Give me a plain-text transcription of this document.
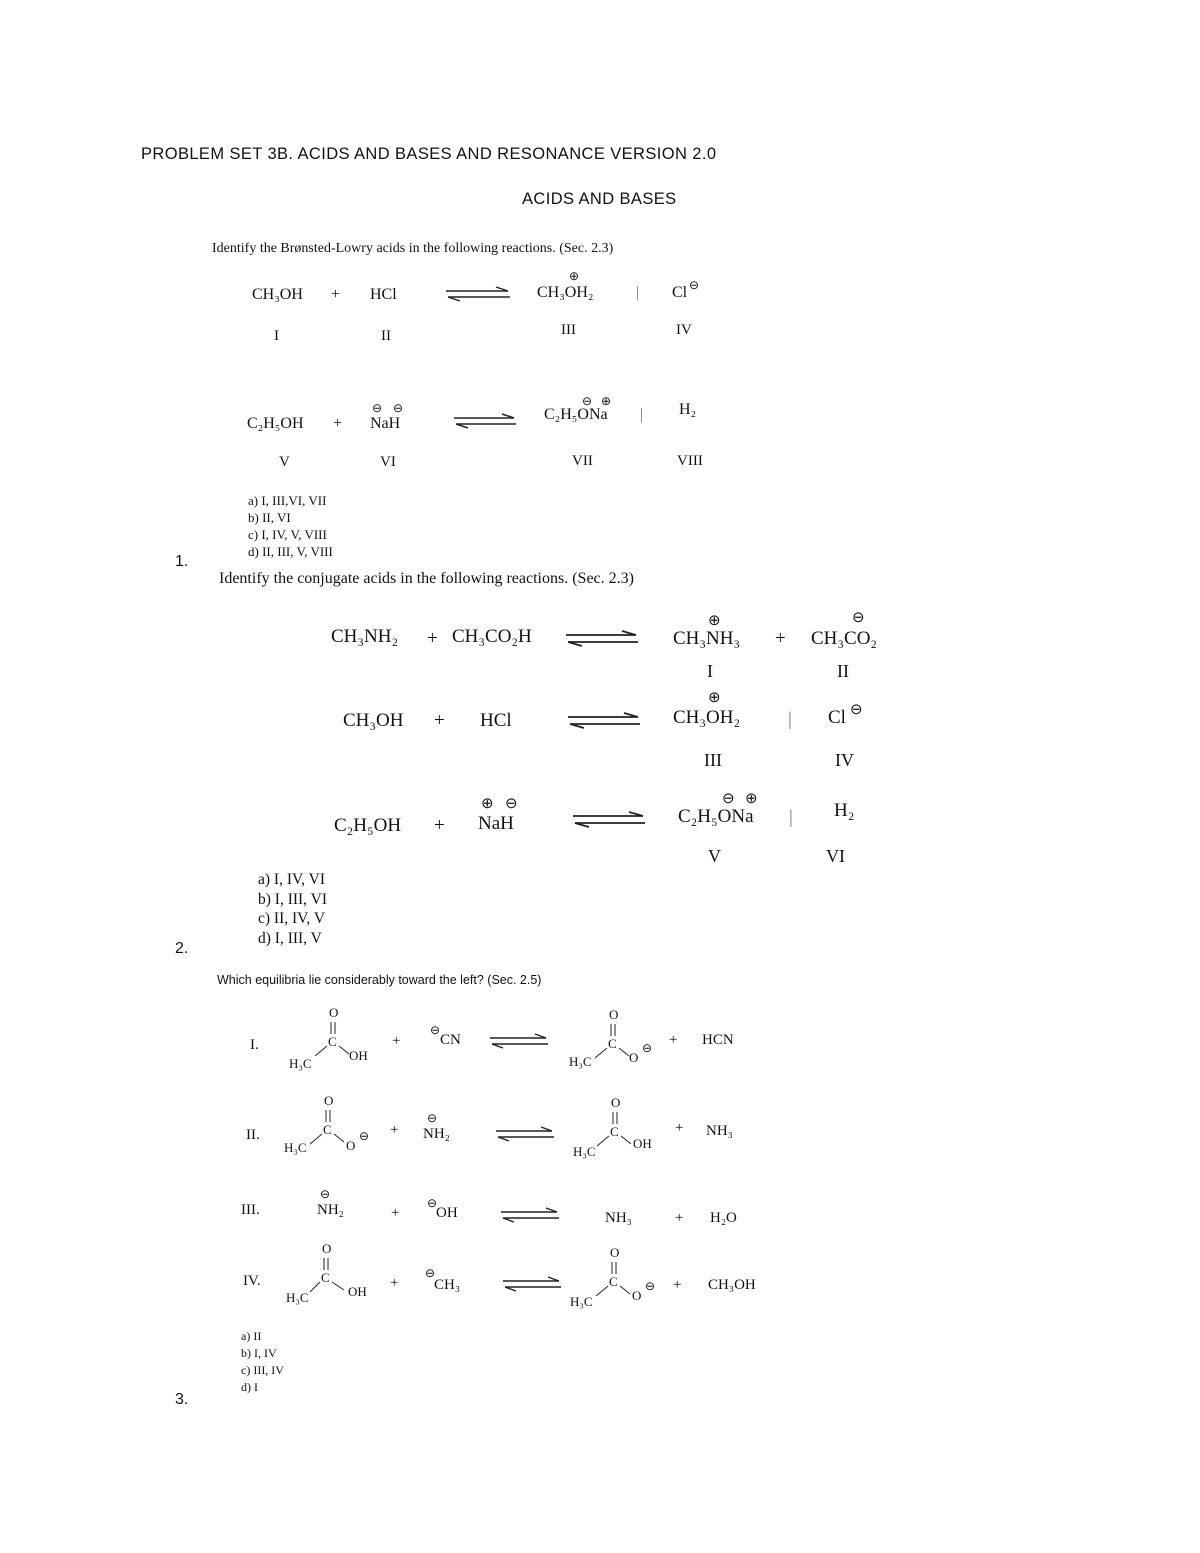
PROBLEM SET 3B. ACIDS AND BASES AND RESONANCE VERSION 2.0
ACIDS AND BASES
Identify the Brønsted-Lowry acids in the following reactions. (Sec. 2.3)
CH₃OH + HCl
⊕
CH₃OH₂	| Cl ⊖
I	II	III	IV
C₂H₅OH +
⊖ ⊖
NaH
⊖ ⊕
C₂H₅ONa | H₂
V	VI	VII	VIII
a) I, III,VI, VII
b) II, VI
c) I, IV, V, VIII
d) II, III, V, VIII
1.
Identify the conjugate acids in the following reactions. (Sec. 2.3)
CH₃NH₂ + CH₃CO₂H
⊕
CH₃NH₃ +
⊖
CH₃CO₂
I	II
CH₃OH + HCl
⊕
CH₃OH₂	| Cl ⊖
III	IV
C₂H₅OH +
⊕ ⊖
NaH
⊖ ⊕
C₂H₅ONa | H₂
V	VI
a) I, IV, VI
b) I, III, VI
c) II, IV, V
d) I, III, V
2.
Which equilibria lie considerably toward the left? (Sec. 2.5)
I.
O
C
H₃C
OH
+
⊖
CN
O
C
H₃C	O
⊖ + HCN
II.
O
C
H₃C	O
⊖ +
⊖
NH₂
O
C
H₃C
OH
+ NH₃
III.
⊖
NH₂	+
⊖
OH	NH₃	+ H₂O
IV.
O
C
H₃C	OH
+
⊖
CH₃
O
C
H₃C	O
⊖ + CH₃OH
a) II
b) I, IV
c) III, IV
d) I
3.
